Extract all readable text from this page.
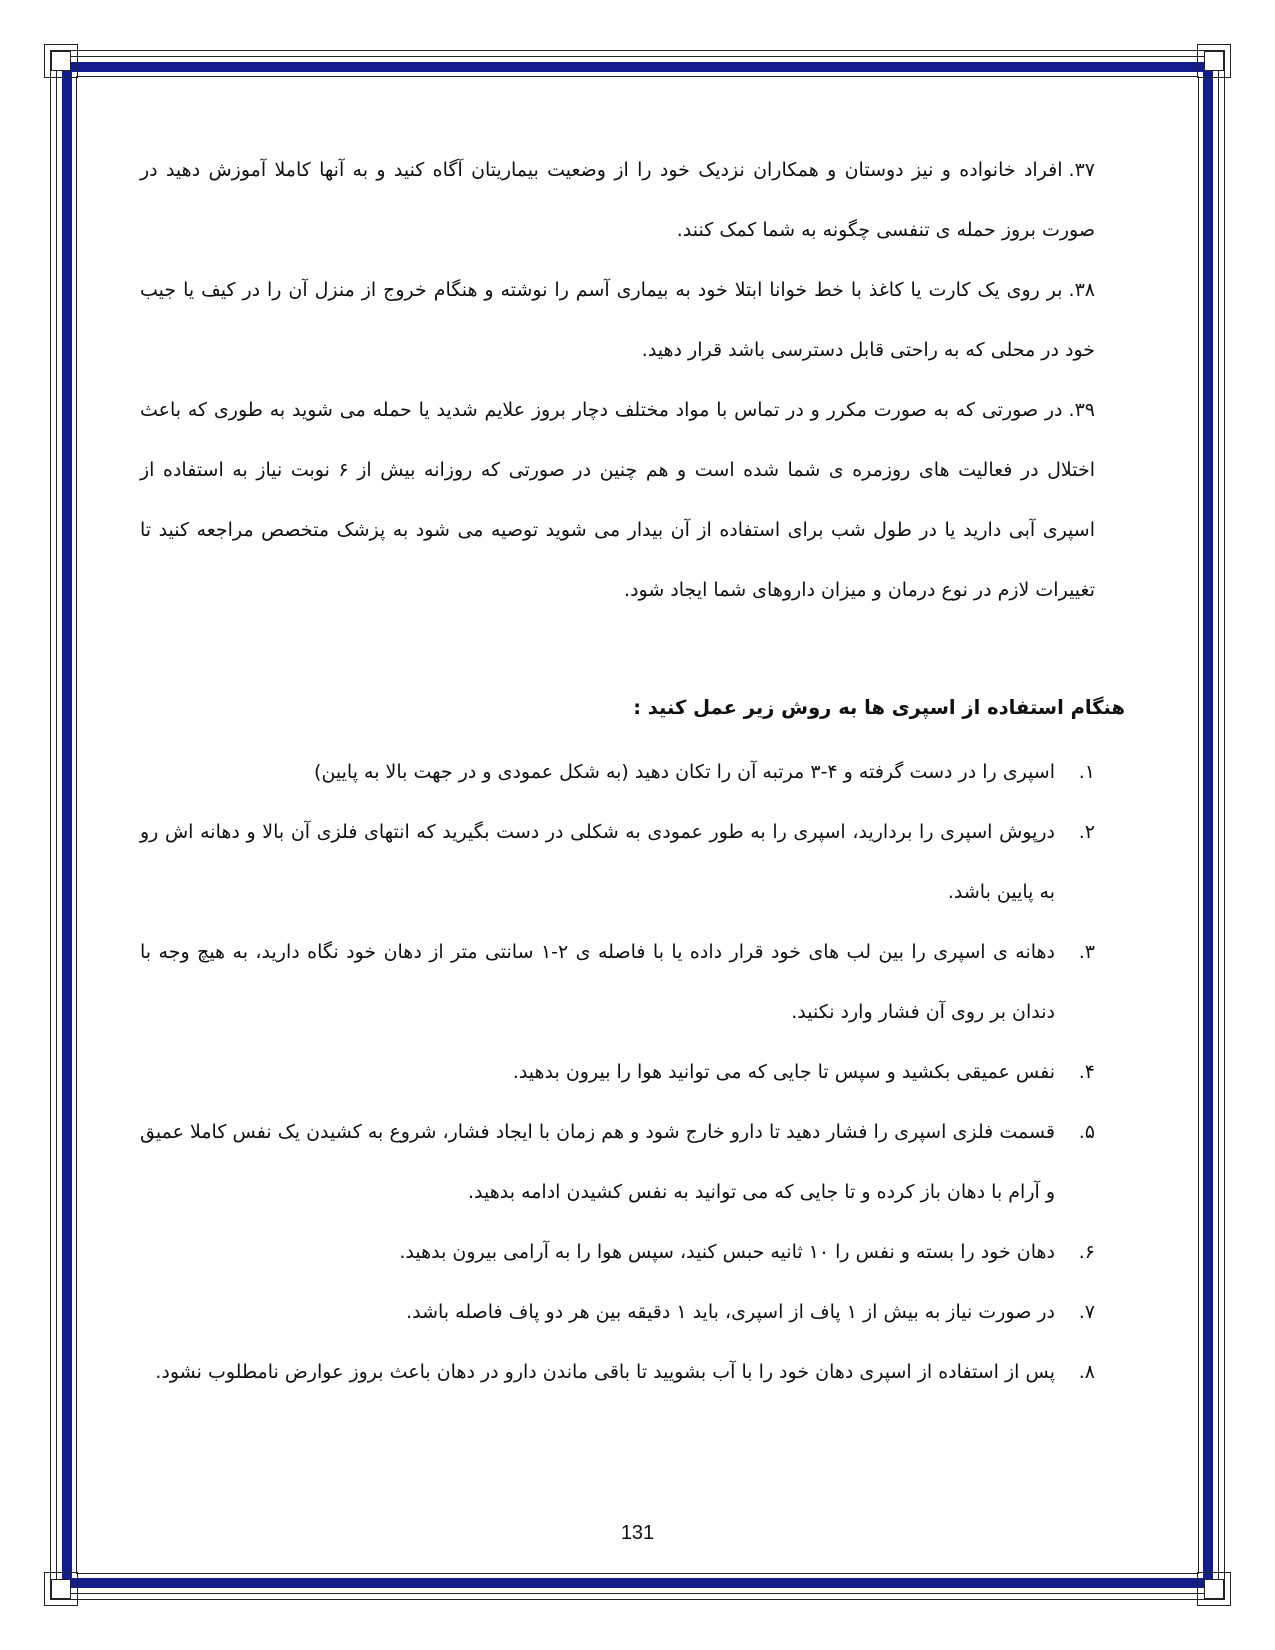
۳۷.افراد خانواده و نیز دوستان و همکاران نزدیک خود را از وضعیت بیماریتان آگاه کنید و به آنها کاملا آموزش دهید در صورت بروز حمله ی تنفسی چگونه به شما کمک کنند.

۳۸.بر روی یک کارت یا کاغذ با خط خوانا ابتلا خود به بیماری آسم را نوشته و هنگام خروج از منزل آن را در کیف یا جیب خود در محلی که به راحتی قابل دسترسی باشد قرار دهید.

۳۹.در صورتی که به صورت مکرر و در تماس با مواد مختلف دچار بروز علایم شدید یا حمله می شوید به طوری که باعث اختلال در فعالیت های روزمره ی شما شده است و هم چنین در صورتی که روزانه بیش از ۶ نوبت نیاز به استفاده از اسپری آبی دارید یا در طول شب برای استفاده از آن بیدار می شوید توصیه می شود به پزشک متخصص مراجعه کنید تا تغییرات لازم در نوع درمان و میزان داروهای شما ایجاد شود.

هنگام استفاده از اسپری ها به روش زیر عمل کنید :

۱.
اسپری را در دست گرفته و ۴-۳ مرتبه آن را تکان دهید (به شکل عمودی و در جهت بالا به پایین)

۲.
درپوش اسپری را بردارید، اسپری را به طور عمودی به شکلی در دست بگیرید که انتهای فلزی آن بالا و دهانه اش رو به پایین باشد.

۳.
دهانه ی اسپری را بین لب های خود قرار داده یا با فاصله ی ۲-۱ سانتی متر از دهان خود نگاه دارید، به هیچ وجه با دندان بر روی آن فشار وارد نکنید.

۴.
نفس عمیقی بکشید و سپس تا جایی که می توانید هوا را بیرون بدهید.

۵.
قسمت فلزی اسپری را فشار دهید تا دارو خارج شود و هم زمان با ایجاد فشار، شروع به کشیدن یک نفس کاملا عمیق و آرام با دهان باز کرده و تا جایی که می توانید به نفس کشیدن ادامه بدهید.

۶.
دهان خود را بسته و نفس را ۱۰ ثانیه حبس کنید، سپس هوا را به آرامی بیرون بدهید.

۷.
در صورت نیاز به بیش از ۱ پاف از اسپری، باید ۱ دقیقه بین هر دو پاف فاصله باشد.

۸.
پس از استفاده از اسپری دهان خود را با آب بشویید تا باقی ماندن دارو در دهان باعث بروز عوارض نامطلوب نشود.

131
